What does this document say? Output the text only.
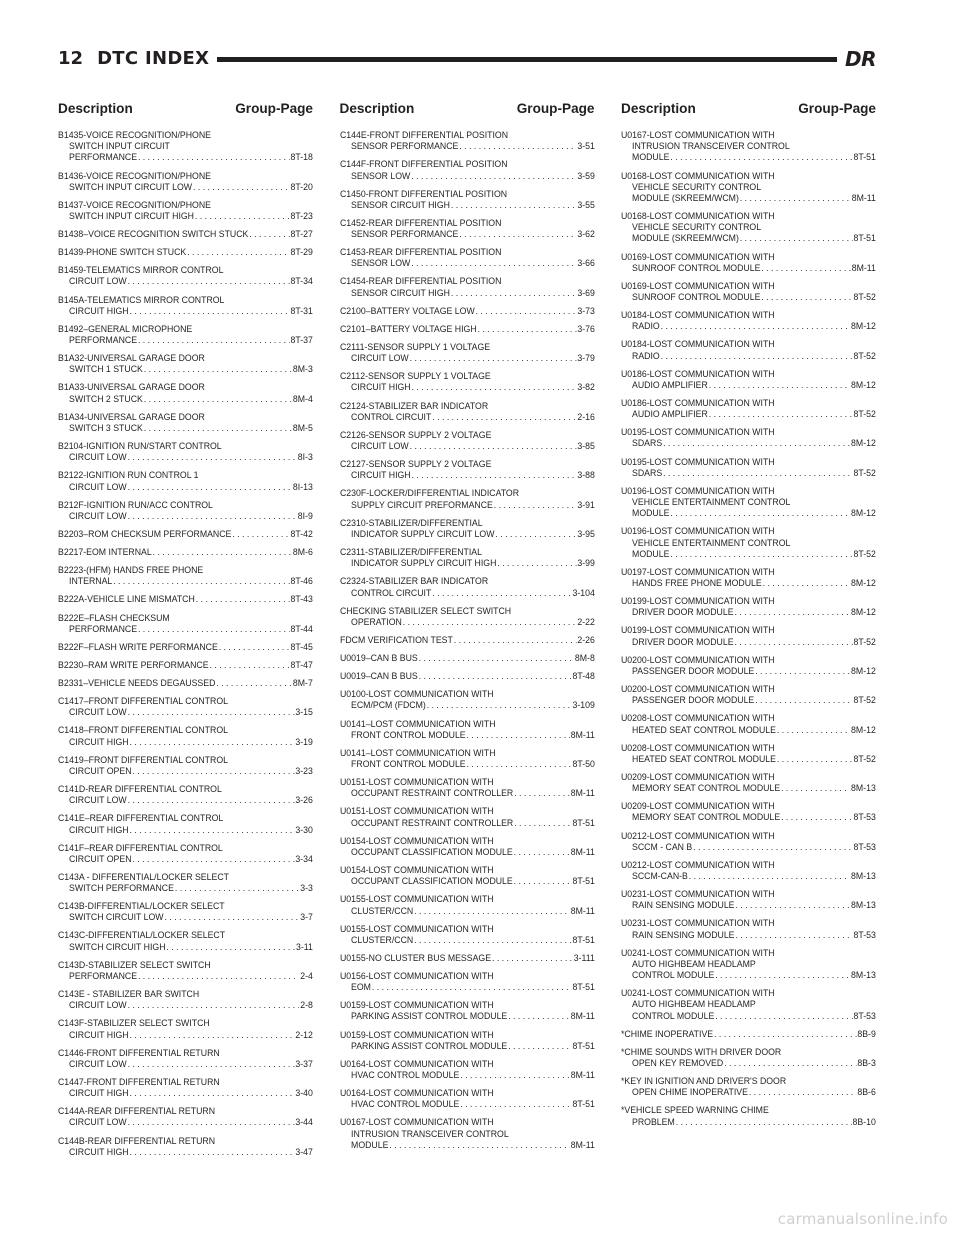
12 DTC INDEX	DR
Description	Group-Page
B1435-VOICE RECOGNITION/PHONE
SWITCH INPUT CIRCUIT
PERFORMANCE . . .	8T-18
B1436-VOICE RECOGNITION/PHONE
SWITCH INPUT CIRCUIT LOW . . .	8T-20
B1437-VOICE RECOGNITION/PHONE
SWITCH INPUT CIRCUIT HIGH . . .	8T-23
B1438–VOICE RECOGNITION SWITCH STUCK . . .	8T-27
B1439-PHONE SWITCH STUCK . . .	8T-29
B1459-TELEMATICS MIRROR CONTROL
CIRCUIT LOW . . .	8T-34
B145A-TELEMATICS MIRROR CONTROL
CIRCUIT HIGH . . .	8T-31
B1492–GENERAL MICROPHONE
PERFORMANCE . . .	8T-37
B1A32-UNIVERSAL GARAGE DOOR
SWITCH 1 STUCK . . .	8M-3
B1A33-UNIVERSAL GARAGE DOOR
SWITCH 2 STUCK . . .	8M-4
B1A34-UNIVERSAL GARAGE DOOR
SWITCH 3 STUCK . . .	8M-5
B2104-IGNITION RUN/START CONTROL
CIRCUIT LOW . . .	8I-3
B2122-IGNITION RUN CONTROL 1
CIRCUIT LOW . . .	8I-13
B212F-IGNITION RUN/ACC CONTROL
CIRCUIT LOW . . .	8I-9
B2203–ROM CHECKSUM PERFORMANCE . . .	8T-42
B2217-EOM INTERNAL . . .	8M-6
B2223-(HFM) HANDS FREE PHONE
INTERNAL . . .	8T-46
B222A-VEHICLE LINE MISMATCH . . .	8T-43
B222E–FLASH CHECKSUM
PERFORMANCE . . .	8T-44
B222F–FLASH WRITE PERFORMANCE . . .	8T-45
B2230–RAM WRITE PERFORMANCE . . .	8T-47
B2331–VEHICLE NEEDS DEGAUSSED . . .	8M-7
C1417–FRONT DIFFERENTIAL CONTROL
CIRCUIT LOW . . .	3-15
C1418–FRONT DIFFERENTIAL CONTROL
CIRCUIT HIGH . . .	3-19
C1419–FRONT DIFFERENTIAL CONTROL
CIRCUIT OPEN . . .	3-23
C141D-REAR DIFFERENTIAL CONTROL
CIRCUIT LOW . . .	3-26
C141E–REAR DIFFERENTIAL CONTROL
CIRCUIT HIGH . . .	3-30
C141F–REAR DIFFERENTIAL CONTROL
CIRCUIT OPEN . . .	3-34
C143A - DIFFERENTIAL/LOCKER SELECT
SWITCH PERFORMANCE . . .	3-3
C143B-DIFFERENTIAL/LOCKER SELECT
SWITCH CIRCUIT LOW . . .	3-7
C143C-DIFFERENTIAL/LOCKER SELECT
SWITCH CIRCUIT HIGH . . .	3-11
C143D-STABILIZER SELECT SWITCH
PERFORMANCE . . .	2-4
C143E - STABILIZER BAR SWITCH
CIRCUIT LOW . . .	2-8
C143F-STABILIZER SELECT SWITCH
CIRCUIT HIGH . . .	2-12
C1446-FRONT DIFFERENTIAL RETURN
CIRCUIT LOW . . .	3-37
C1447-FRONT DIFFERENTIAL RETURN
CIRCUIT HIGH . . .	3-40
C144A-REAR DIFFERENTIAL RETURN
CIRCUIT LOW . . .	3-44
C144B-REAR DIFFERENTIAL RETURN
CIRCUIT HIGH . . .	3-47
Description	Group-Page
C144E-FRONT DIFFERENTIAL POSITION
SENSOR PERFORMANCE . . .	3-51
C144F-FRONT DIFFERENTIAL POSITION
SENSOR LOW . . .	3-59
C1450-FRONT DIFFERENTIAL POSITION
SENSOR CIRCUIT HIGH . . .	3-55
C1452-REAR DIFFERENTIAL POSITION
SENSOR PERFORMANCE . . .	3-62
C1453-REAR DIFFERENTIAL POSITION
SENSOR LOW . . .	3-66
C1454-REAR DIFFERENTIAL POSITION
SENSOR CIRCUIT HIGH . . .	3-69
C2100–BATTERY VOLTAGE LOW . . .	3-73
C2101–BATTERY VOLTAGE HIGH . . .	3-76
C2111-SENSOR SUPPLY 1 VOLTAGE
CIRCUIT LOW . . .	3-79
C2112-SENSOR SUPPLY 1 VOLTAGE
CIRCUIT HIGH . . .	3-82
C2124-STABILIZER BAR INDICATOR
CONTROL CIRCUIT . . .	2-16
C2126-SENSOR SUPPLY 2 VOLTAGE
CIRCUIT LOW . . .	3-85
C2127-SENSOR SUPPLY 2 VOLTAGE
CIRCUIT HIGH . . .	3-88
C230F-LOCKER/DIFFERENTIAL INDICATOR
SUPPLY CIRCUIT PREFORMANCE . . .	3-91
C2310-STABILIZER/DIFFERENTIAL
INDICATOR SUPPLY CIRCUIT LOW . . .	3-95
C2311-STABILIZER/DIFFERENTIAL
INDICATOR SUPPLY CIRCUIT HIGH . . .	3-99
C2324-STABILIZER BAR INDICATOR
CONTROL CIRCUIT . . .	3-104
CHECKING STABILIZER SELECT SWITCH
OPERATION . . .	2-22
FDCM VERIFICATION TEST . . .	2-26
U0019–CAN B BUS . . .	8M-8
U0019–CAN B BUS . . .	8T-48
U0100-LOST COMMUNICATION WITH
ECM/PCM (FDCM) . . .	3-109
U0141–LOST COMMUNICATION WITH
FRONT CONTROL MODULE . . .	8M-11
U0141–LOST COMMUNICATION WITH
FRONT CONTROL MODULE . . .	8T-50
U0151-LOST COMMUNICATION WITH
OCCUPANT RESTRAINT CONTROLLER . . .	8M-11
U0151-LOST COMMUNICATION WITH
OCCUPANT RESTRAINT CONTROLLER . . .	8T-51
U0154-LOST COMMUNICATION WITH
OCCUPANT CLASSIFICATION MODULE . . .	8M-11
U0154-LOST COMMUNICATION WITH
OCCUPANT CLASSIFICATION MODULE . . .	8T-51
U0155-LOST COMMUNICATION WITH
CLUSTER/CCN . . .	8M-11
U0155-LOST COMMUNICATION WITH
CLUSTER/CCN . . .	8T-51
U0155-NO CLUSTER BUS MESSAGE . . .	3-111
U0156-LOST COMMUNICATION WITH
EOM . . .	8T-51
U0159-LOST COMMUNICATION WITH
PARKING ASSIST CONTROL MODULE . . .	8M-11
U0159-LOST COMMUNICATION WITH
PARKING ASSIST CONTROL MODULE . . .	8T-51
U0164-LOST COMMUNICATION WITH
HVAC CONTROL MODULE . . .	8M-11
U0164-LOST COMMUNICATION WITH
HVAC CONTROL MODULE . . .	8T-51
U0167-LOST COMMUNICATION WITH
INTRUSION TRANSCEIVER CONTROL
MODULE . . .	8M-11
Description	Group-Page
U0167-LOST COMMUNICATION WITH
INTRUSION TRANSCEIVER CONTROL
MODULE . . .	8T-51
U0168-LOST COMMUNICATION WITH
VEHICLE SECURITY CONTROL
MODULE (SKREEM/WCM) . . .	8M-11
U0168-LOST COMMUNICATION WITH
VEHICLE SECURITY CONTROL
MODULE (SKREEM/WCM) . . .	8T-51
U0169-LOST COMMUNICATION WITH
SUNROOF CONTROL MODULE . . .	8M-11
U0169-LOST COMMUNICATION WITH
SUNROOF CONTROL MODULE . . .	8T-52
U0184-LOST COMMUNICATION WITH
RADIO . . .	8M-12
U0184-LOST COMMUNICATION WITH
RADIO . . .	8T-52
U0186-LOST COMMUNICATION WITH
AUDIO AMPLIFIER . . .	8M-12
U0186-LOST COMMUNICATION WITH
AUDIO AMPLIFIER . . .	8T-52
U0195-LOST COMMUNICATION WITH
SDARS . . .	8M-12
U0195-LOST COMMUNICATION WITH
SDARS . . .	8T-52
U0196-LOST COMMUNICATION WITH
VEHICLE ENTERTAINMENT CONTROL
MODULE . . .	8M-12
U0196-LOST COMMUNICATION WITH
VEHICLE ENTERTAINMENT CONTROL
MODULE . . .	8T-52
U0197-LOST COMMUNICATION WITH
HANDS FREE PHONE MODULE . . .	8M-12
U0199-LOST COMMUNICATION WITH
DRIVER DOOR MODULE . . .	8M-12
U0199-LOST COMMUNICATION WITH
DRIVER DOOR MODULE . . .	8T-52
U0200-LOST COMMUNICATION WITH
PASSENGER DOOR MODULE . . .	8M-12
U0200-LOST COMMUNICATION WITH
PASSENGER DOOR MODULE . . .	8T-52
U0208-LOST COMMUNICATION WITH
HEATED SEAT CONTROL MODULE . . .	8M-12
U0208-LOST COMMUNICATION WITH
HEATED SEAT CONTROL MODULE . . .	8T-52
U0209-LOST COMMUNICATION WITH
MEMORY SEAT CONTROL MODULE . . .	8M-13
U0209-LOST COMMUNICATION WITH
MEMORY SEAT CONTROL MODULE . . .	8T-53
U0212-LOST COMMUNICATION WITH
SCCM - CAN B . . .	8T-53
U0212-LOST COMMUNICATION WITH
SCCM-CAN-B . . .	8M-13
U0231-LOST COMMUNICATION WITH
RAIN SENSING MODULE . . .	8M-13
U0231-LOST COMMUNICATION WITH
RAIN SENSING MODULE . . .	8T-53
U0241-LOST COMMUNICATION WITH
AUTO HIGHBEAM HEADLAMP
CONTROL MODULE . . .	8M-13
U0241-LOST COMMUNICATION WITH
AUTO HIGHBEAM HEADLAMP
CONTROL MODULE . . .	8T-53
*CHIME INOPERATIVE . . .	8B-9
*CHIME SOUNDS WITH DRIVER DOOR
OPEN KEY REMOVED . . .	8B-3
*KEY IN IGNITION AND DRIVER'S DOOR
OPEN CHIME INOPERATIVE . . .	8B-6
*VEHICLE SPEED WARNING CHIME
PROBLEM . . .	8B-10
carmanualsonline.info
